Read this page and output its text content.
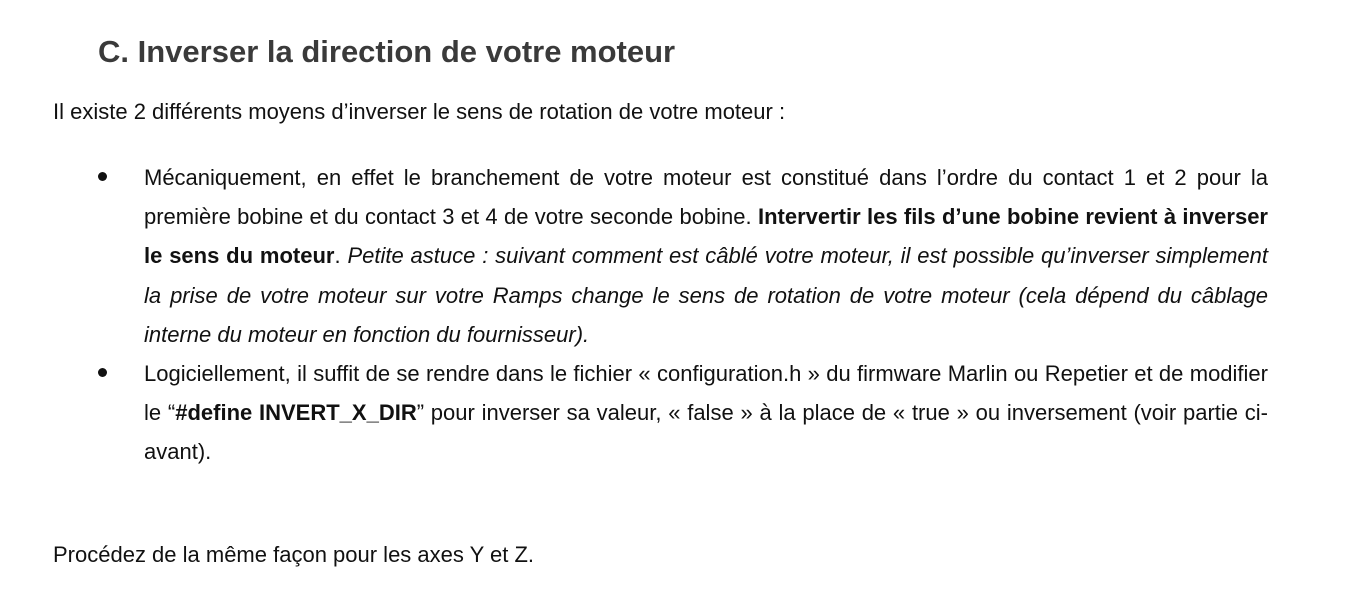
C. Inverser la direction de votre moteur

Il existe 2 différents moyens d’inverser le sens de rotation de votre moteur :

Mécaniquement, en effet le branchement de votre moteur est constitué dans l’ordre du contact 1 et 2 pour la première bobine et du contact 3 et 4 de votre seconde bobine. Intervertir les fils d’une bobine revient à inverser le sens du moteur. Petite astuce : suivant comment est câblé votre moteur, il est possible qu’inverser simplement la prise de votre moteur sur votre Ramps change le sens de rotation de votre moteur (cela dépend du câblage interne du moteur en fonction du fournisseur).
Logiciellement, il suffit de se rendre dans le fichier « configuration.h » du firmware Marlin ou Repetier et de modifier le “#define INVERT_X_DIR” pour inverser sa valeur, « false » à la place de « true » ou inversement (voir partie ci-avant).

Procédez de la même façon pour les axes Y et Z.
